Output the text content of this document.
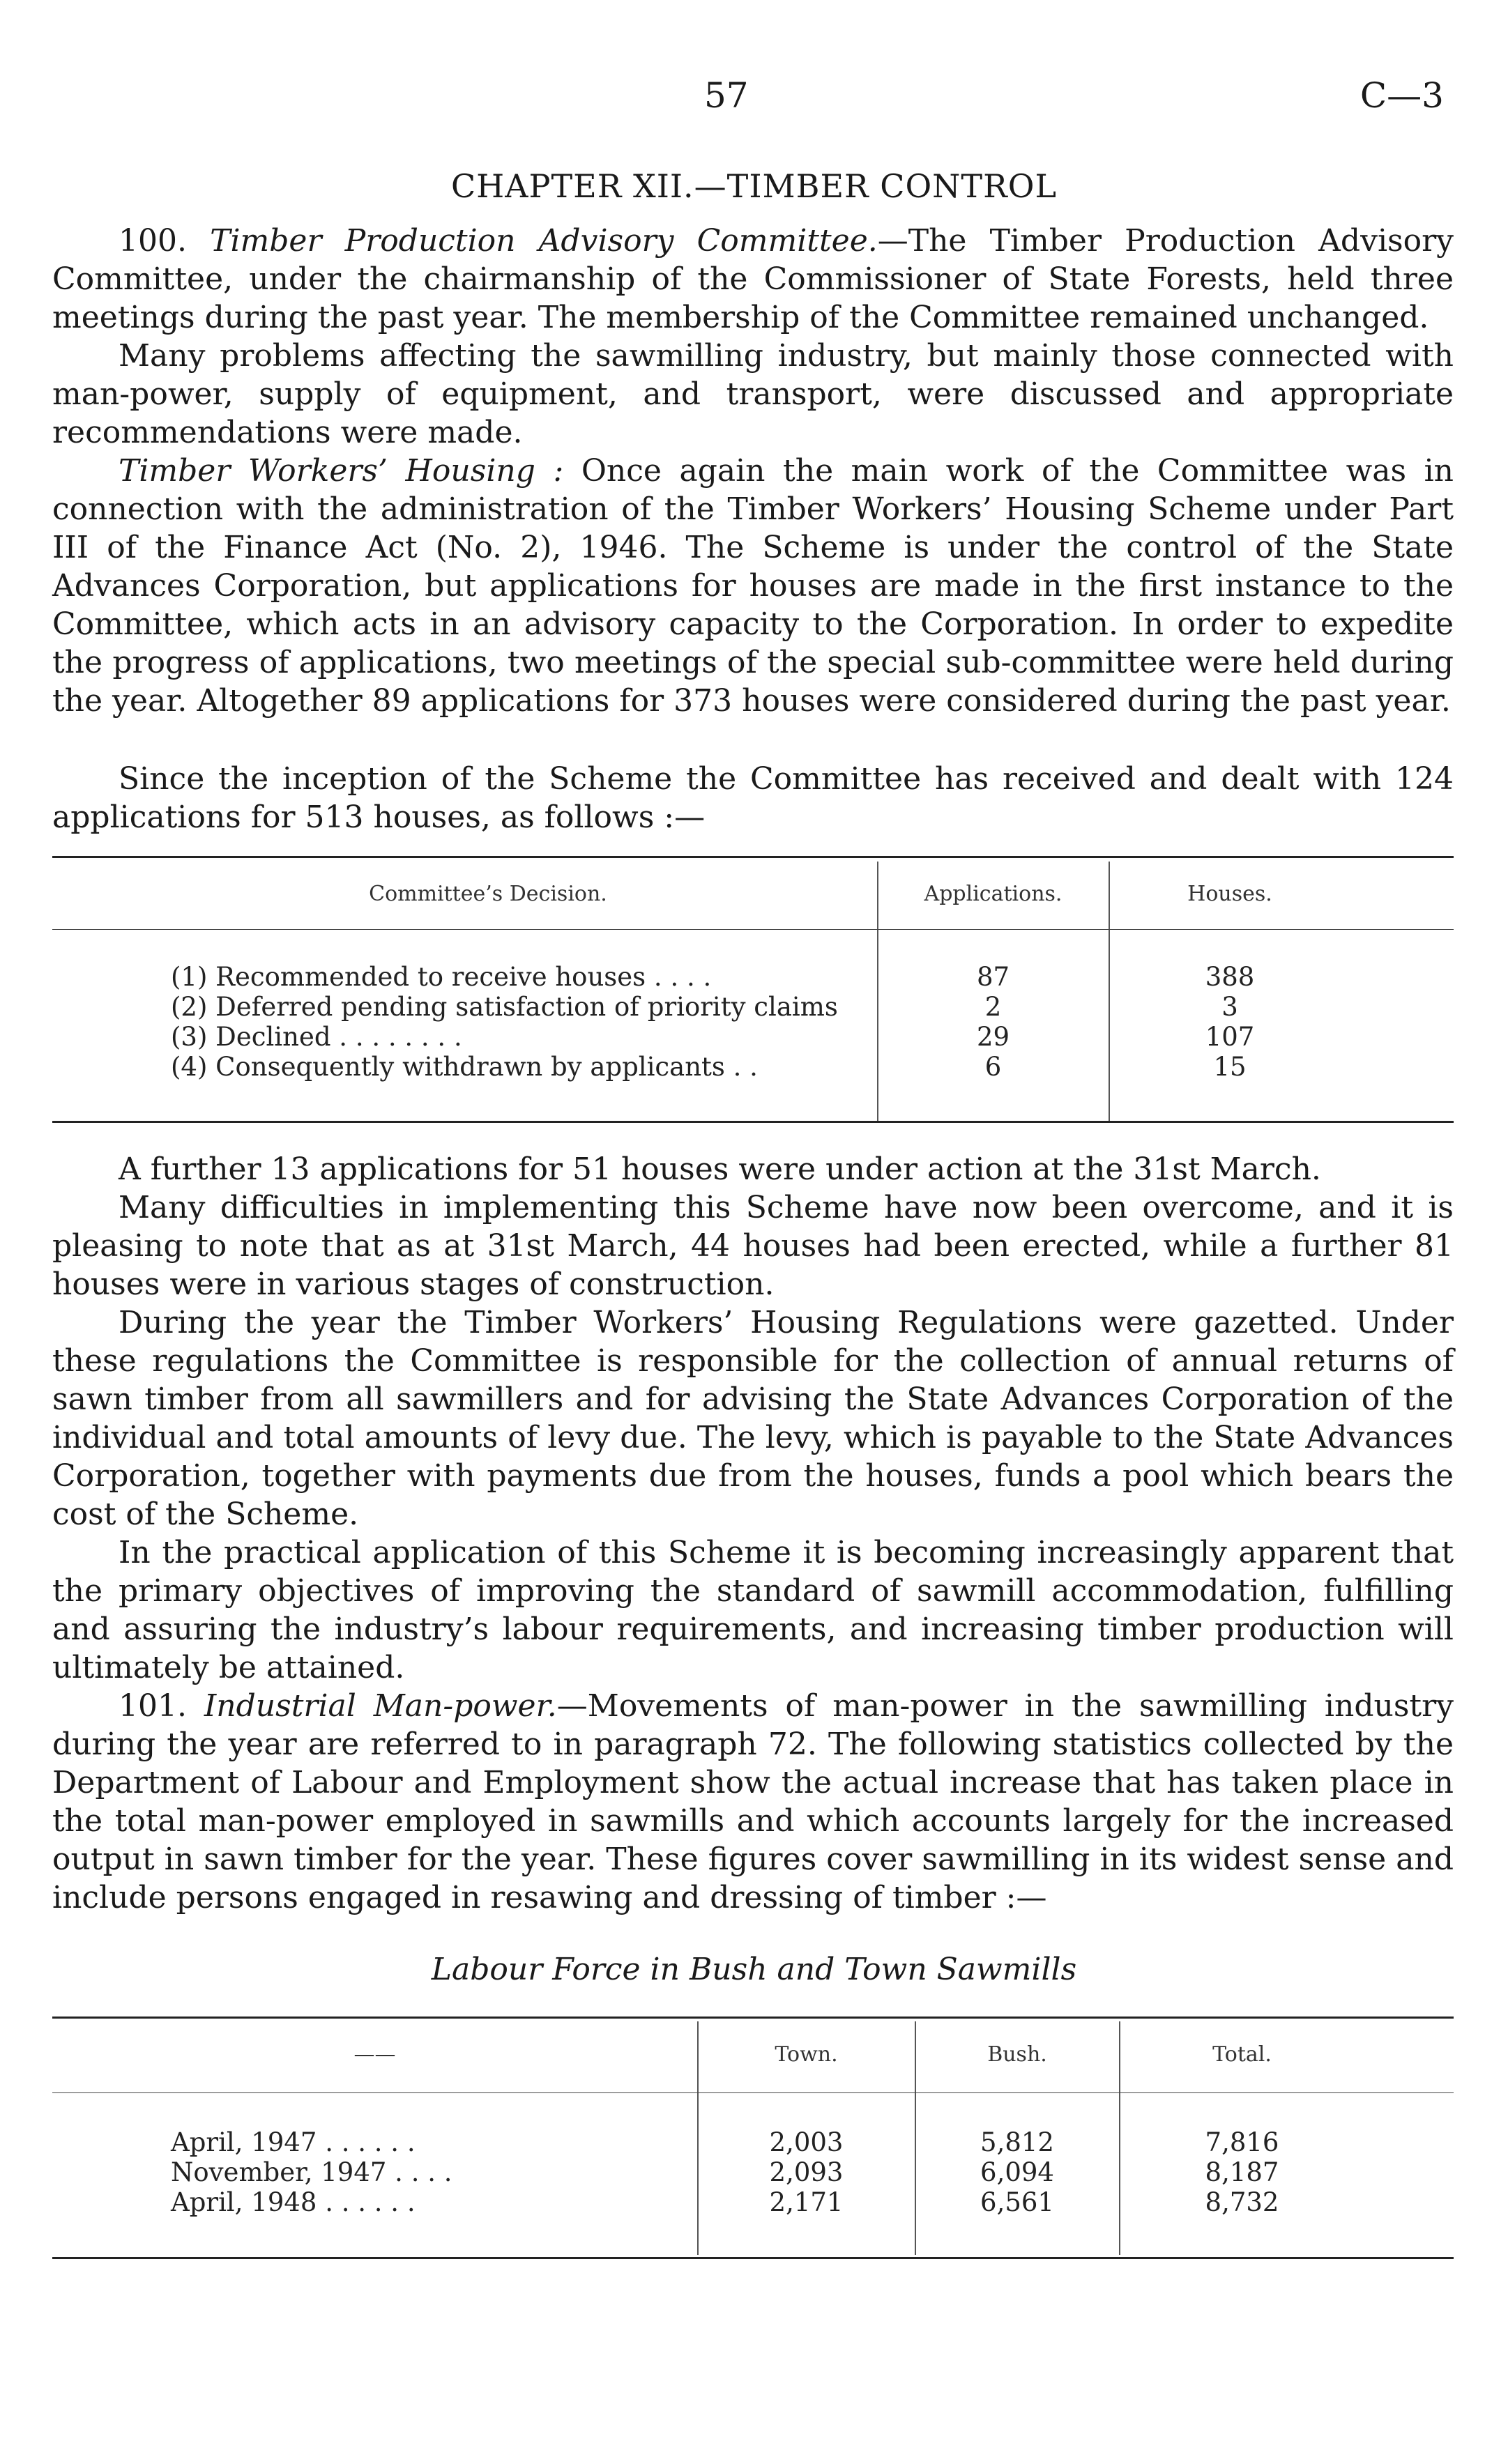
57	C—3
CHAPTER XII.—TIMBER CONTROL

100. Timber Production Advisory Committee.—The Timber Production Advisory Committee, under the chairmanship of the Commissioner of State Forests, held three meetings during the past year. The membership of the Committee remained unchanged.

Many problems affecting the sawmilling industry, but mainly those connected with man-power, supply of equipment, and transport, were discussed and appropriate recommendations were made.

Timber Workers’ Housing : Once again the main work of the Committee was in connection with the administration of the Timber Workers’ Housing Scheme under Part III of the Finance Act (No. 2), 1946. The Scheme is under the control of the State Advances Corporation, but applications for houses are made in the first instance to the Committee, which acts in an advisory capacity to the Corporation. In order to expedite the progress of applications, two meetings of the special sub-committee were held during the year. Altogether 89 applications for 373 houses were considered during the past year.

Since the inception of the Scheme the Committee has received and dealt with 124 applications for 513 houses, as follows :—

Committee’s Decision.	Applications.	Houses.
(1) Recommended to receive houses . . . .	87	388
(2) Deferred pending satisfaction of priority claims	2	3
(3) Declined . . . . . . . .	29	107
(4) Consequently withdrawn by applicants . .	6	15

A further 13 applications for 51 houses were under action at the 31st March.

Many difficulties in implementing this Scheme have now been overcome, and it is pleasing to note that as at 31st March, 44 houses had been erected, while a further 81 houses were in various stages of construction.

During the year the Timber Workers’ Housing Regulations were gazetted. Under these regulations the Committee is responsible for the collection of annual returns of sawn timber from all sawmillers and for advising the State Advances Corporation of the individual and total amounts of levy due. The levy, which is payable to the State Advances Corporation, together with payments due from the houses, funds a pool which bears the cost of the Scheme.

In the practical application of this Scheme it is becoming increasingly apparent that the primary objectives of improving the standard of sawmill accommodation, fulfilling and assuring the industry’s labour requirements, and increasing timber production will ultimately be attained.

101. Industrial Man-power.—Movements of man-power in the sawmilling industry during the year are referred to in paragraph 72. The following statistics collected by the Department of Labour and Employment show the actual increase that has taken place in the total man-power employed in sawmills and which accounts largely for the increased output in sawn timber for the year. These figures cover sawmilling in its widest sense and include persons engaged in resawing and dressing of timber :—

Labour Force in Bush and Town Sawmills
——	Town.	Bush.	Total.
April, 1947 . . . . . .	2,003	5,812	7,816
November, 1947 . . . .	2,093	6,094	8,187
April, 1948 . . . . . .	2,171	6,561	8,732
